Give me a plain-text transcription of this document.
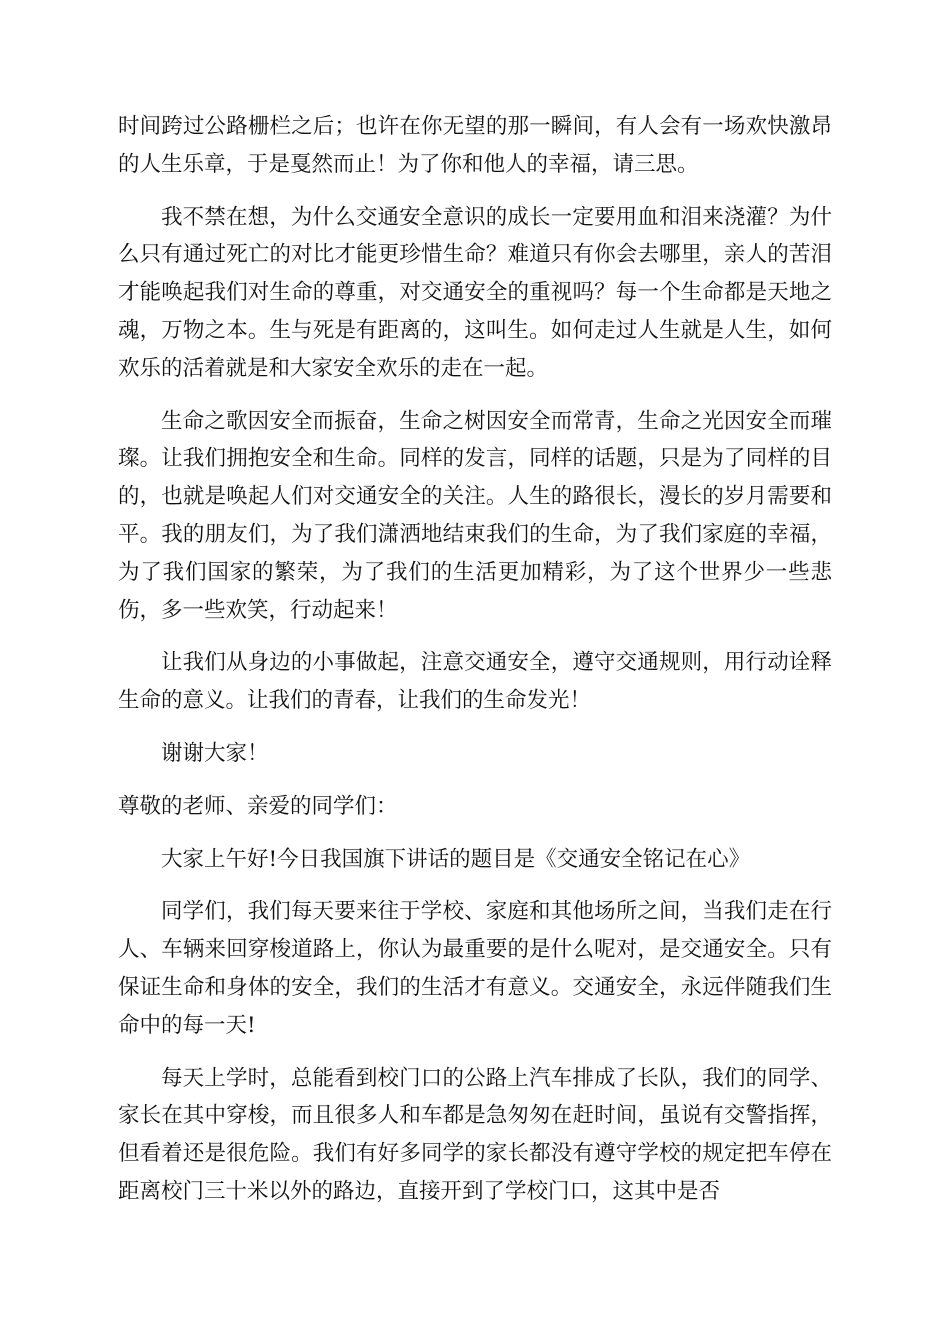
时间跨过公路栅栏之后；也许在你无望的那一瞬间，有人会有一场欢快激昂的人生乐章，于是戛然而止！为了你和他人的幸福，请三思。

我不禁在想，为什么交通安全意识的成长一定要用血和泪来浇灌？为什么只有通过死亡的对比才能更珍惜生命？难道只有你会去哪里，亲人的苦泪才能唤起我们对生命的尊重，对交通安全的重视吗？每一个生命都是天地之魂，万物之本。生与死是有距离的，这叫生。如何走过人生就是人生，如何欢乐的活着就是和大家安全欢乐的走在一起。

生命之歌因安全而振奋，生命之树因安全而常青，生命之光因安全而璀璨。让我们拥抱安全和生命。同样的发言，同样的话题，只是为了同样的目的，也就是唤起人们对交通安全的关注。人生的路很长，漫长的岁月需要和平。我的朋友们，为了我们潇洒地结束我们的生命，为了我们家庭的幸福，为了我们国家的繁荣，为了我们的生活更加精彩，为了这个世界少一些悲伤，多一些欢笑，行动起来！

让我们从身边的小事做起，注意交通安全，遵守交通规则，用行动诠释生命的意义。让我们的青春，让我们的生命发光！

谢谢大家！

尊敬的老师、亲爱的同学们：

大家上午好!今日我国旗下讲话的题目是《交通安全铭记在心》

同学们，我们每天要来往于学校、家庭和其他场所之间，当我们走在行人、车辆来回穿梭道路上，你认为最重要的是什么呢对，是交通安全。只有保证生命和身体的安全，我们的生活才有意义。交通安全，永远伴随我们生命中的每一天!

每天上学时，总能看到校门口的公路上汽车排成了长队，我们的同学、家长在其中穿梭，而且很多人和车都是急匆匆在赶时间，虽说有交警指挥，但看着还是很危险。我们有好多同学的家长都没有遵守学校的规定把车停在距离校门三十米以外的路边，直接开到了学校门口，这其中是否
